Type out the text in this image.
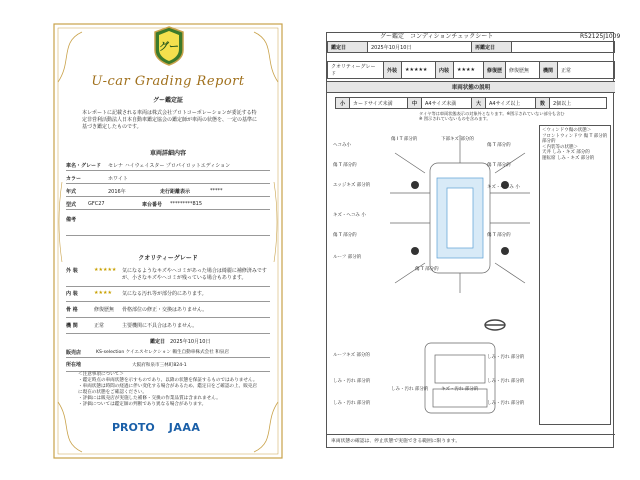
グー
U-car Grading Report
グー鑑定証
本レポートに記載される車両は株式会社プロトコーポレーションが委託する特定非営利活動法人日本自動車鑑定協会の鑑定師が車両の状態を、一定の基準に基づき鑑定したものです。
車両詳細内容
車名・グレード	セレナ ハイウェイスター プロパイロットエディション
カラー	ホワイト
年式	2016年	走行距離表示	*****
型式	GFC27	車台番号	*********815
備考
クオリティーグレード
外 装	★★★★★	気になるようなキズやヘコミがあった場合は綺麗に補修済みですが、小さなキズやヘコミが残っている場合もあります。
内 装	★★★★	気になる汚れ等が部分的にあります。
骨 格	修復歴無	骨格部位の修正・交換はありません。
機 関	正常	主要機関に不具合はありません。
鑑定日 2025年10月10日
販売店	KS-selection ケイエスセレクション 鵜生自動車株式会社 和泉店
所在地	大阪府和泉市三林町824-1
＜注意事項について＞
・鑑定時点の車両状態を示すものであり、以降の状態を保証するものではありません。
・車両状態は時間の経過に伴い変化する場合があるため、鑑定日をご確認の上、販売店に現在の状態をご確認ください。
・評価には販売店が実施した補修・交換の作業品質は含まれません。
・評価については鑑定師の判断であり異なる場合があります。
PROTO JAAA
グー鑑定　コンディションチェックシート	R52125J1009
鑑定日	2025年10月10日	再鑑定日	
クオリティーグレード	外装	★★★★★	内装	★★★★	修復歴	修復歴無	機関	正常
車両状態の説明
小	カードサイズ未満	中	A4サイズ未満	大	A4サイズ以上	数	2個以上
タイヤ等は車両状態表示の対象外となります。※図示されていない部分も含む
※ 図示されていないものを含みます。
ヘコみ小
傷 T 部分的
エッジキズ 部分的
キズ・ヘコみ 小
傷 T 部分的
ルーフ 部分的
ルーフキズ 部分的
しみ・汚れ 部分的
しみ・汚れ 部分的
傷 I T 部分的	下部キズ 部分的
傷 T 部分的
しみ・汚れ 部分的	キズ・汚れ 部分的
傷 T 部分的
傷 T 部分的
キズ・ヘコみ 小
傷 T 部分的
しみ・汚れ 部分的
しみ・汚れ 部分的
しみ・汚れ 部分的
＜ウィンドウ傷の状態＞
フロントウィンドウ 傷 T 部分的 部分的
＜内装等の状態＞
天井 しみ・キズ 部分的
運転席 しみ・キズ 部分的
車両状態の確認は、停止状態で実施できる範囲に限ります。
